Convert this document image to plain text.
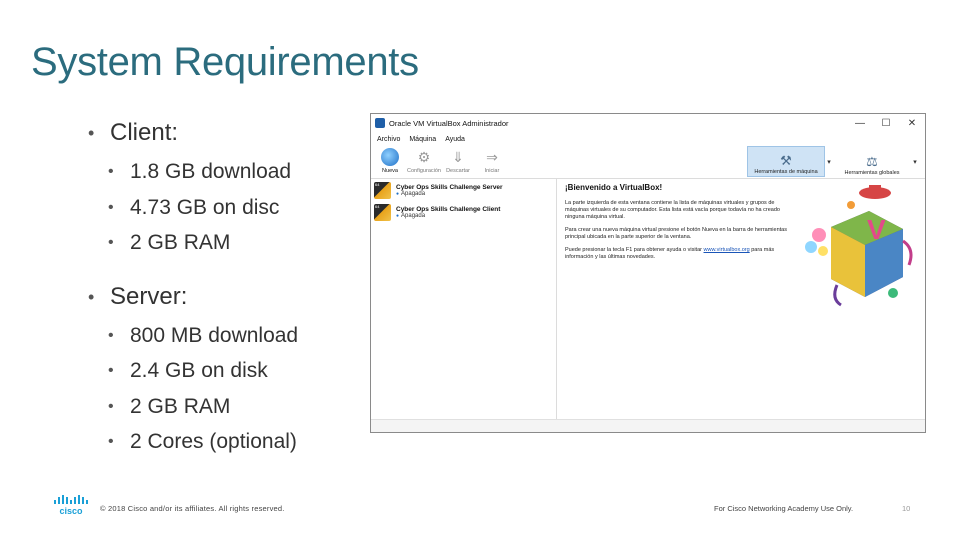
System Requirements
• Client:
• 1.8 GB download
• 4.73 GB on disc
• 2 GB RAM
• Server:
• 800 MB download
• 2.4 GB on disk
• 2 GB RAM
• 2 Cores (optional)
Oracle VM VirtualBox Administrador	—	☐	✕
Archivo Máquina Ayuda
Nueva
⚙
Configuración
⇓
Descartar
⇒
Iniciar
⚒
Herramientas de máquina
▾	⚖
Herramientas globales
▾
64
Cyber Ops Skills Challenge Server
● Apagada
64
Cyber Ops Skills Challenge Client
● Apagada
¡Bienvenido a VirtualBox!
La parte izquierda de esta ventana contiene la lista de máquinas virtuales y grupos de máquinas virtuales de su computador. Esta lista está vacía porque todavía no ha creado ninguna máquina virtual.
Para crear una nueva máquina virtual presione el botón Nueva en la barra de herramientas principal ubicada en la parte superior de la ventana.
Puede presionar la tecla F1 para obtener ayuda o visitar www.virtualbox.org para más información y las últimas novedades.
V
cisco © 2018 Cisco and/or its affiliates. All rights reserved.	For Cisco Networking Academy Use Only.	10
